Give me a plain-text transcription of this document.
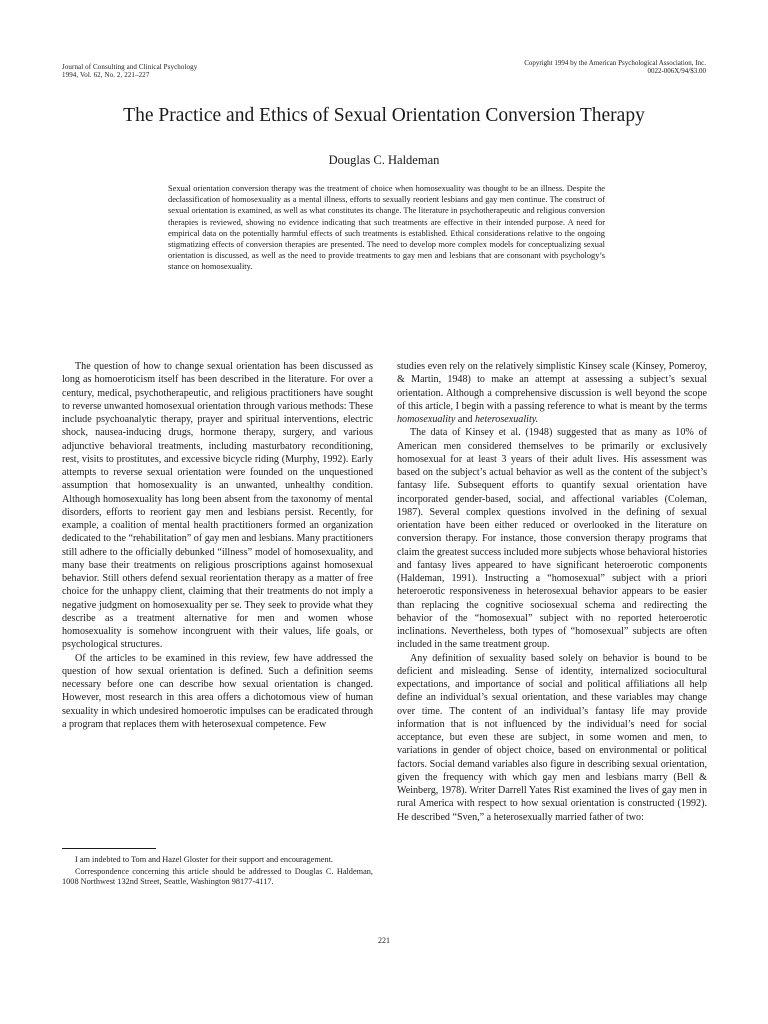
Journal of Consulting and Clinical Psychology
1994, Vol. 62, No. 2, 221–227
Copyright 1994 by the American Psychological Association, Inc.
0022-006X/94/$3.00
The Practice and Ethics of Sexual Orientation Conversion Therapy
Douglas C. Haldeman
Sexual orientation conversion therapy was the treatment of choice when homosexuality was thought to be an illness. Despite the declassification of homosexuality as a mental illness, efforts to sexually reorient lesbians and gay men continue. The construct of sexual orientation is examined, as well as what constitutes its change. The literature in psychotherapeutic and religious conversion therapies is reviewed, showing no evidence indicating that such treatments are effective in their intended purpose. A need for empirical data on the potentially harmful effects of such treatments is established. Ethical considerations relative to the ongoing stigmatizing effects of conversion therapies are presented. The need to develop more complex models for conceptualizing sexual orientation is discussed, as well as the need to provide treatments to gay men and lesbians that are consonant with psychology’s stance on homosexuality.

The question of how to change sexual orientation has been discussed as long as homoeroticism itself has been described in the literature. For over a century, medical, psychotherapeutic, and religious practitioners have sought to reverse unwanted homosexual orientation through various methods: These include psychoanalytic therapy, prayer and spiritual interventions, electric shock, nausea-inducing drugs, hormone therapy, surgery, and various adjunctive behavioral treatments, including masturbatory reconditioning, rest, visits to prostitutes, and excessive bicycle riding (Murphy, 1992). Early attempts to reverse sexual orientation were founded on the unquestioned assumption that homosexuality is an unwanted, unhealthy condition. Although homosexuality has long been absent from the taxonomy of mental disorders, efforts to reorient gay men and lesbians persist. Recently, for example, a coalition of mental health practitioners formed an organization dedicated to the “rehabilitation” of gay men and lesbians. Many practitioners still adhere to the officially debunked “illness” model of homosexuality, and many base their treatments on religious proscriptions against homosexual behavior. Still others defend sexual reorientation therapy as a matter of free choice for the unhappy client, claiming that their treatments do not imply a negative judgment on homosexuality per se. They seek to provide what they describe as a treatment alternative for men and women whose homosexuality is somehow incongruent with their values, life goals, or psychological structures.

Of the articles to be examined in this review, few have addressed the question of how sexual orientation is defined. Such a definition seems necessary before one can describe how sexual orientation is changed. However, most research in this area offers a dichotomous view of human sexuality in which undesired homoerotic impulses can be eradicated through a program that replaces them with heterosexual competence. Few

studies even rely on the relatively simplistic Kinsey scale (Kinsey, Pomeroy, & Martin, 1948) to make an attempt at assessing a subject’s sexual orientation. Although a comprehensive discussion is well beyond the scope of this article, I begin with a passing reference to what is meant by the terms homosexuality and heterosexuality.

The data of Kinsey et al. (1948) suggested that as many as 10% of American men considered themselves to be primarily or exclusively homosexual for at least 3 years of their adult lives. His assessment was based on the subject’s actual behavior as well as the content of the subject’s fantasy life. Subsequent efforts to quantify sexual orientation have incorporated gender-based, social, and affectional variables (Coleman, 1987). Several complex questions involved in the defining of sexual orientation have been either reduced or overlooked in the literature on conversion therapy. For instance, those conversion therapy programs that claim the greatest success included more subjects whose behavioral histories and fantasy lives appeared to have significant heteroerotic components (Haldeman, 1991). Instructing a “homosexual” subject with a priori heteroerotic responsiveness in heterosexual behavior appears to be easier than replacing the cognitive sociosexual schema and redirecting the behavior of the “homosexual” subject with no reported heteroerotic inclinations. Nevertheless, both types of “homosexual” subjects are often included in the same treatment group.

Any definition of sexuality based solely on behavior is bound to be deficient and misleading. Sense of identity, internalized sociocultural expectations, and importance of social and political affiliations all help define an individual’s sexual orientation, and these variables may change over time. The content of an individual’s fantasy life may provide information that is not influenced by the individual’s need for social acceptance, but even these are subject, in some women and men, to variations in gender of object choice, based on environmental or political factors. Social demand variables also figure in describing sexual orientation, given the frequency with which gay men and lesbians marry (Bell & Weinberg, 1978). Writer Darrell Yates Rist examined the lives of gay men in rural America with respect to how sexual orientation is constructed (1992). He described “Sven,” a heterosexually married father of two:

I am indebted to Tom and Hazel Gloster for their support and encouragement.

Correspondence concerning this article should be addressed to Douglas C. Haldeman, 1008 Northwest 132nd Street, Seattle, Washington 98177-4117.

221
